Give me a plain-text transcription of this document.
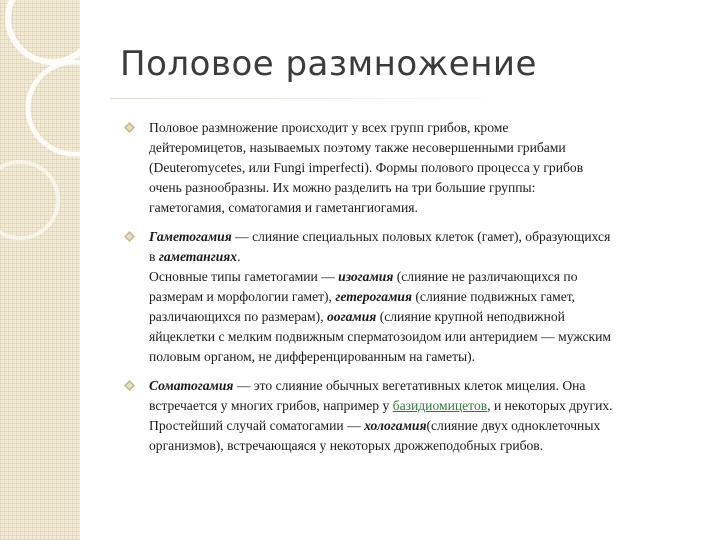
Половое размножение
Половое размножение происходит у всех групп грибов, кроме
дейтеромицетов, называемых поэтому также несовершенными грибами
(Deuteromycetes, или Fungi imperfecti). Формы полового процесса у грибов
очень разнообразны. Их можно разделить на три большие группы:
гаметогамия, соматогамия и гаметангиогамия.
Гаметогамия — слияние специальных половых клеток (гамет), образующихся
в гаметангиях.
Основные типы гаметогамии — изогамия (слияние не различающихся по
размерам и морфологии гамет), гетерогамия (слияние подвижных гамет,
различающихся по размерам), оогамия (слияние крупной неподвижной
яйцеклетки с мелким подвижным сперматозоидом или антеридием — мужским
половым органом, не дифференцированным на гаметы).
Соматогамия — это слияние обычных вегетативных клеток мицелия. Она
встречается у многих грибов, например у базидиомицетов, и некоторых других.
Простейший случай соматогамии — хологамия(слияние двух одноклеточных
организмов), встречающаяся у некоторых дрожжеподобных грибов.
